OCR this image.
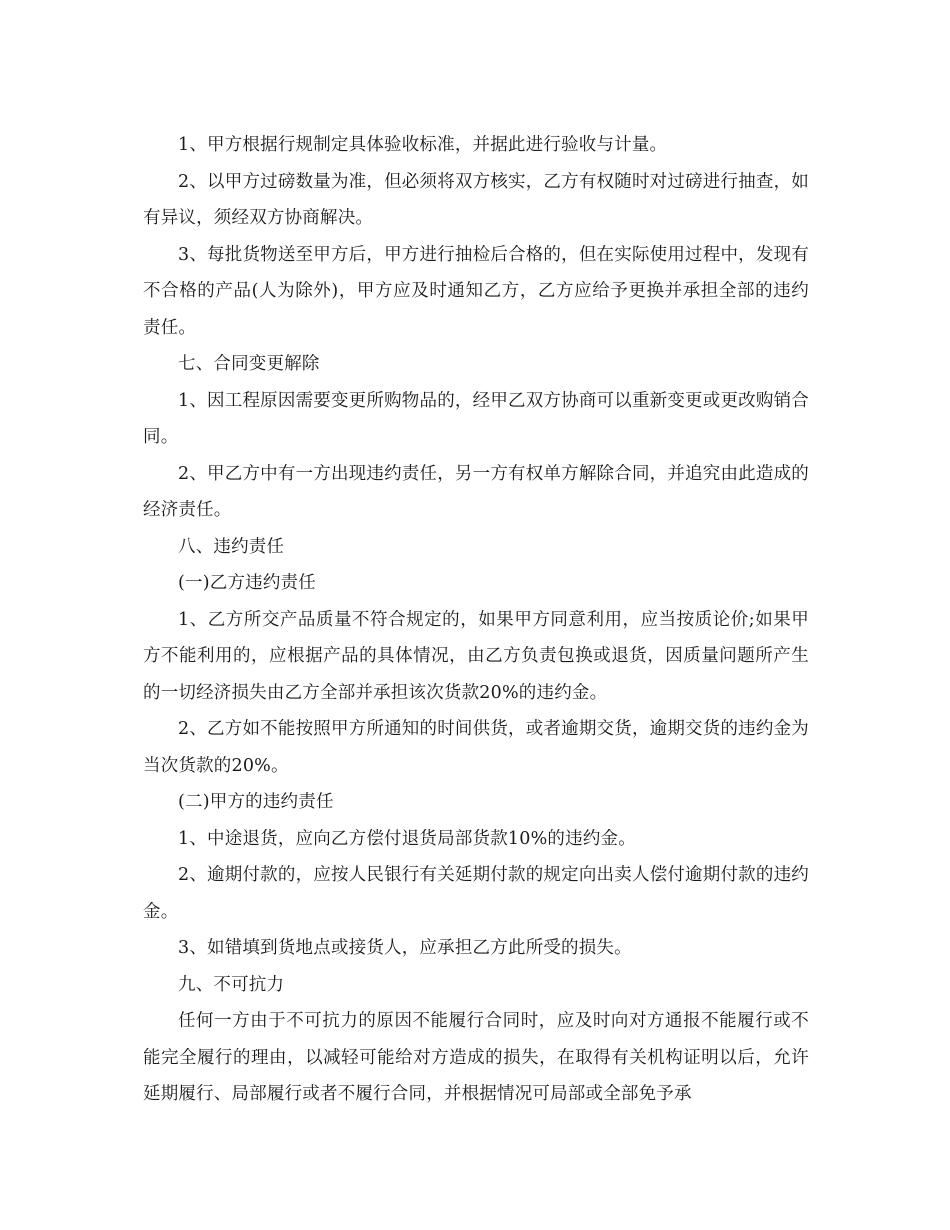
1、甲方根据行规制定具体验收标准，并据此进行验收与计量。

2、以甲方过磅数量为准，但必须将双方核实，乙方有权随时对过磅进行抽查，如有异议，须经双方协商解决。

3、每批货物送至甲方后，甲方进行抽检后合格的，但在实际使用过程中，发现有不合格的产品(人为除外)，甲方应及时通知乙方，乙方应给予更换并承担全部的违约责任。

七、合同变更解除

1、因工程原因需要变更所购物品的，经甲乙双方协商可以重新变更或更改购销合同。

2、甲乙方中有一方出现违约责任，另一方有权单方解除合同，并追究由此造成的经济责任。

八、违约责任

(一)乙方违约责任

1、乙方所交产品质量不符合规定的，如果甲方同意利用，应当按质论价;如果甲方不能利用的，应根据产品的具体情况，由乙方负责包换或退货，因质量问题所产生的一切经济损失由乙方全部并承担该次货款20%的违约金。

2、乙方如不能按照甲方所通知的时间供货，或者逾期交货，逾期交货的违约金为当次货款的20%。

(二)甲方的违约责任

1、中途退货，应向乙方偿付退货局部货款10%的违约金。

2、逾期付款的，应按人民银行有关延期付款的规定向出卖人偿付逾期付款的违约金。

3、如错填到货地点或接货人，应承担乙方此所受的损失。

九、不可抗力

任何一方由于不可抗力的原因不能履行合同时，应及时向对方通报不能履行或不能完全履行的理由，以减轻可能给对方造成的损失，在取得有关机构证明以后，允许延期履行、局部履行或者不履行合同，并根据情况可局部或全部免予承
